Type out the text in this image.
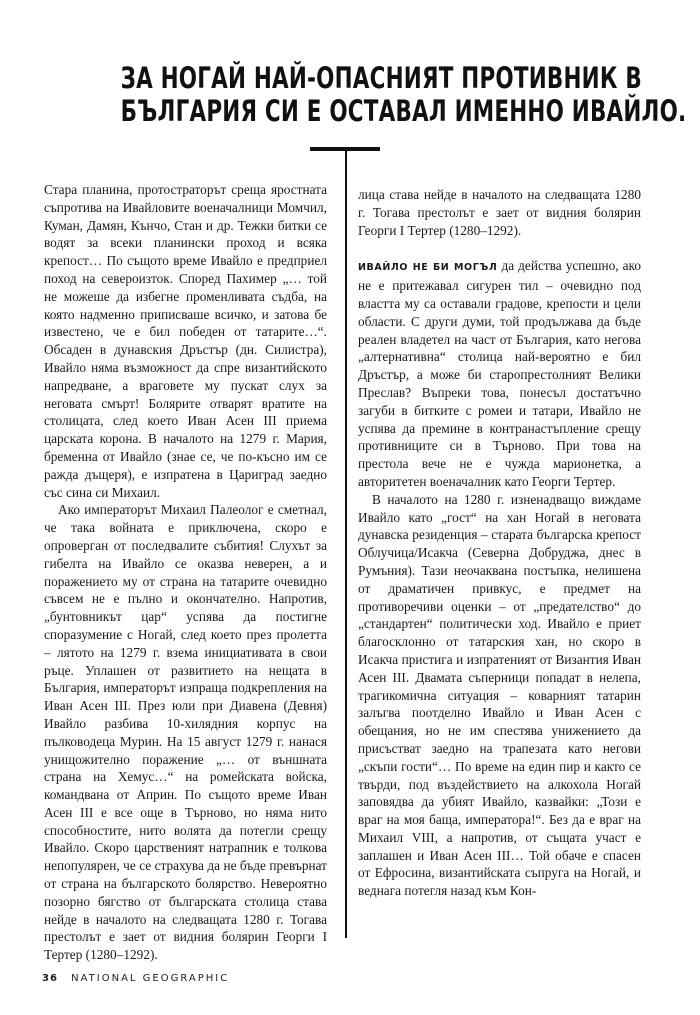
ЗА НОГАЙ НАЙ-ОПАСНИЯТ ПРОТИВНИК В
БЪЛГАРИЯ СИ Е ОСТАВАЛ ИМЕННО ИВАЙЛО.

Стара планина, протостраторът среща яростната съпротива на Ивайловите военачалници Момчил, Куман, Дамян, Кънчо, Стан и др. Тежки битки се водят за всеки планински проход и всяка крепост… По същото време Ивайло е предприел поход на североизток. Според Пахимер „… той не можеше да избегне променливата съдба, на която надменно приписваше всичко, и затова бе известено, че е бил победен от татарите…“. Обсаден в дунавския Дръстър (дн. Силистра), Ивайло няма възможност да спре византийското напредване, а враговете му пускат слух за неговата смърт! Болярите отварят вратите на столицата, след което Иван Асен III приема царската корона. В началото на 1279 г. Мария, бременна от Ивайло (знае се, че по-късно им се ражда дъщеря), е изпратена в Цариград заедно със сина си Михаил.

Ако императорът Михаил Палеолог е сметнал, че така войната е приключена, скоро е опроверган от последвалите събития! Слухът за гибелта на Ивайло се оказва неверен, а и поражението му от страна на татарите очевидно съвсем не е пълно и окончателно. Напротив, „бунтовникът цар“ успява да постигне споразумение с Ногай, след което през пролетта – лятото на 1279 г. взема инициативата в свои ръце. Уплашен от развитието на нещата в България, императорът изпраща подкрепления на Иван Асен III. През юли при Диавена (Девня) Ивайло разбива 10-хилядния корпус на пълководеца Мурин. На 15 август 1279 г. нанася унищожително поражение „… от външната страна на Хемус…“ на ромейската войска, командвана от Априн. По същото време Иван Асен III е все още в Търново, но няма нито способностите, нито волята да потегли срещу Ивайло. Скоро царственият натрапник е толкова непопулярен, че се страхува да не бъде превърнат от страна на българското болярство. Невероятно позорно бягство от българската столица става нейде в началото на следващата 1280 г. Тогава престолът е зает от видния болярин Георги I Тертер (1280–1292).

лица става нейде в началото на следващата 1280 г. Тогава престолът е зает от видния болярин Георги I Тертер (1280–1292).

ИВАЙЛО НЕ БИ МОГЪЛ да действа успешно, ако не е притежавал сигурен тил – очевидно под властта му са оставали градове, крепости и цели области. С други думи, той продължава да бъде реален владетел на част от България, като негова „алтернативна“ столица най-вероятно е бил Дръстър, а може би старопрестолният Велики Преслав? Въпреки това, понесъл достатъчно загуби в битките с ромеи и татари, Ивайло не успява да премине в контранастъпление срещу противниците си в Търново. При това на престола вече не е чужда марионетка, а авторитетен военачалник като Георги Тертер.

В началото на 1280 г. изненадващо виждаме Ивайло като „гост“ на хан Ногай в неговата дунавска резиденция – старата българска крепост Облучица/Исакча (Северна Добруджа, днес в Румъния). Тази неочаквана постъпка, нелишена от драматичен привкус, е предмет на противоречиви оценки – от „предателство“ до „стандартен“ политически ход. Ивайло е приет благосклонно от татарския хан, но скоро в Исакча пристига и изпратеният от Византия Иван Асен III. Двамата съперници попадат в нелепа, трагикомична ситуация – коварният татарин залъгва поотделно Ивайло и Иван Асен с обещания, но не им спестява унижението да присъстват заедно на трапезата като негови „скъпи гости“… По време на един пир и както се твърди, под въздействието на алкохола Ногай заповядва да убият Ивайло, казвайки: „Този е враг на моя баща, императора!“. Без да е враг на Михаил VIII, а напротив, от същата участ е заплашен и Иван Асен III… Той обаче е спасен от Ефросина, византийската съпруга на Ногай, и веднага потегля назад към Кон-

36 NATIONAL GEOGRAPHIC
